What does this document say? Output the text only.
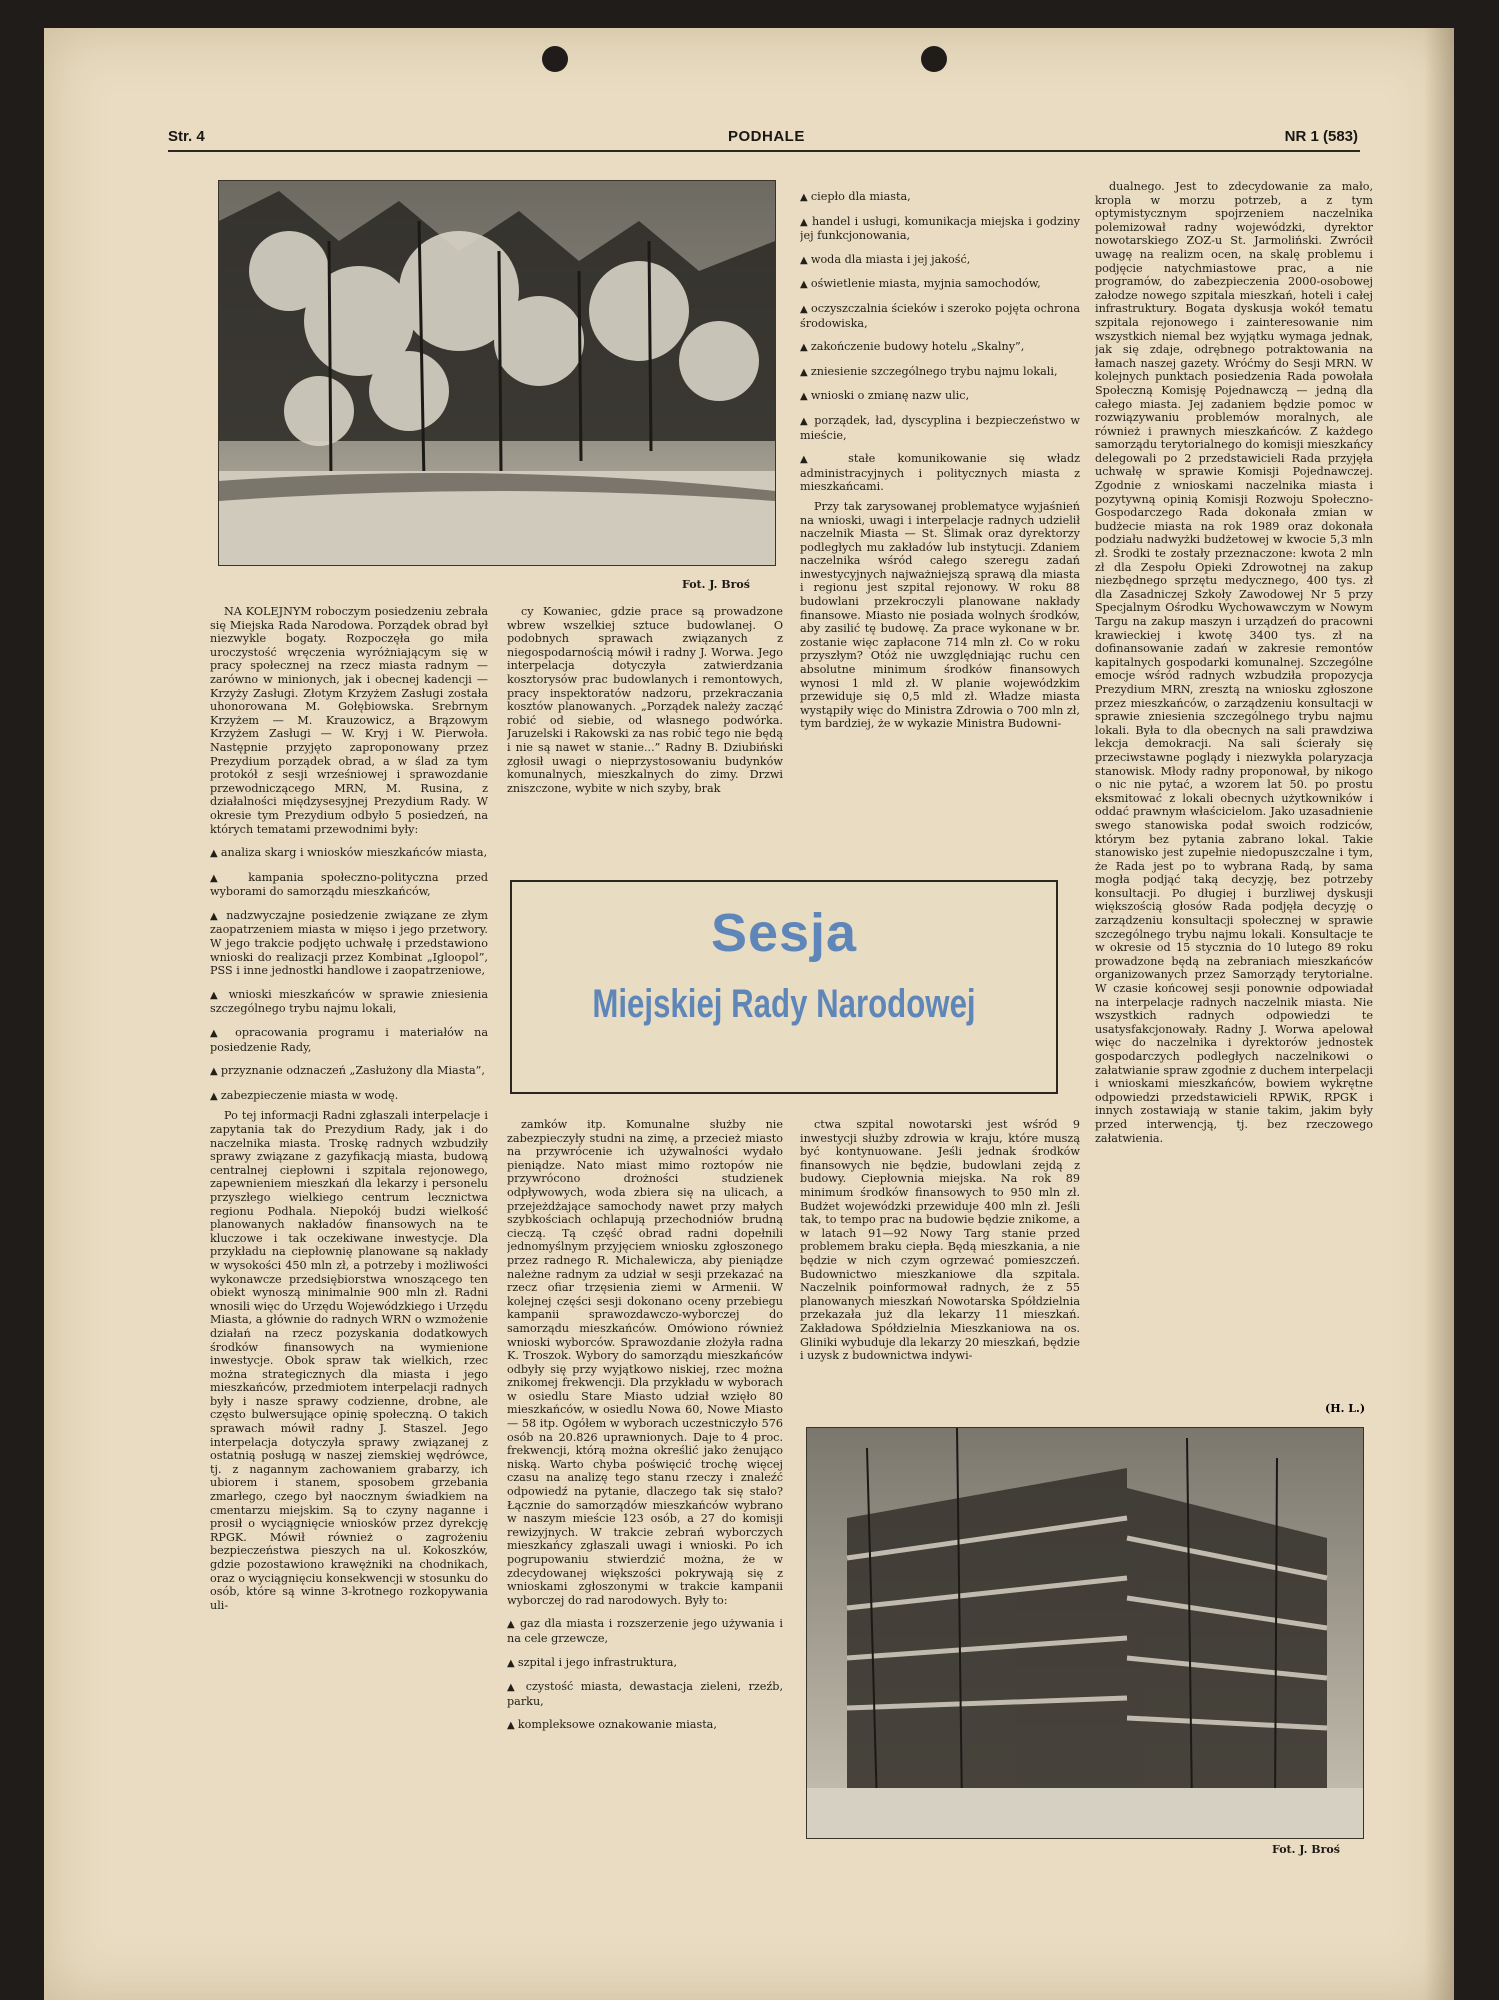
Str. 4	PODHALE	NR 1 (583)
Fot. J. Broś

NA KOLEJNYM roboczym posiedzeniu zebrała się Miejska Rada Narodowa. Porządek obrad był niezwykle bogaty. Rozpoczęła go miła uroczystość wręczenia wyróżniającym się w pracy społecznej na rzecz miasta radnym — zarówno w minionych, jak i obecnej kadencji — Krzyży Zasługi. Złotym Krzyżem Zasługi została uhonorowana M. Gołębiowska. Srebrnym Krzyżem — M. Krauzowicz, a Brązowym Krzyżem Zasługi — W. Kryj i W. Pierwoła. Następnie przyjęto zaproponowany przez Prezydium porządek obrad, a w ślad za tym protokół z sesji wrześniowej i sprawozdanie przewodniczącego MRN, M. Rusina, z działalności międzysesyjnej Prezydium Rady. W okresie tym Prezydium odbyło 5 posiedzeń, na których tematami przewodnimi były:

▲ analiza skarg i wniosków mieszkańców miasta,

▲ kampania społeczno-polityczna przed wyborami do samorządu mieszkańców,

▲ nadzwyczajne posiedzenie związane ze złym zaopatrzeniem miasta w mięso i jego przetwory. W jego trakcie podjęto uchwałę i przedstawiono wnioski do realizacji przez Kombinat „Igloopol”, PSS i inne jednostki handlowe i zaopatrzeniowe,

▲ wnioski mieszkańców w sprawie zniesienia szczególnego trybu najmu lokali,

▲ opracowania programu i materiałów na posiedzenie Rady,

▲ przyznanie odznaczeń „Zasłużony dla Miasta”,

▲ zabezpieczenie miasta w wodę.

Po tej informacji Radni zgłaszali interpelacje i zapytania tak do Prezydium Rady, jak i do naczelnika miasta. Troskę radnych wzbudziły sprawy związane z gazyfikacją miasta, budową centralnej ciepłowni i szpitala rejonowego, zapewnieniem mieszkań dla lekarzy i personelu przyszłego wielkiego centrum lecznictwa regionu Podhala. Niepokój budzi wielkość planowanych nakładów finansowych na te kluczowe i tak oczekiwane inwestycje. Dla przykładu na ciepłownię planowane są nakłady w wysokości 450 mln zł, a potrzeby i możliwości wykonawcze przedsiębiorstwa wnoszącego ten obiekt wynoszą minimalnie 900 mln zł. Radni wnosili więc do Urzędu Wojewódzkiego i Urzędu Miasta, a głównie do radnych WRN o wzmożenie działań na rzecz pozyskania dodatkowych środków finansowych na wymienione inwestycje. Obok spraw tak wielkich, rzec można strategicznych dla miasta i jego mieszkańców, przedmiotem interpelacji radnych były i nasze sprawy codzienne, drobne, ale często bulwersujące opinię społeczną. O takich sprawach mówił radny J. Staszel. Jego interpelacja dotyczyła sprawy związanej z ostatnią posługą w naszej ziemskiej wędrówce, tj. z nagannym zachowaniem grabarzy, ich ubiorem i stanem, sposobem grzebania zmarłego, czego był naocznym świadkiem na cmentarzu miejskim. Są to czyny naganne i prosił o wyciągnięcie wniosków przez dyrekcję RPGK. Mówił również o zagrożeniu bezpieczeństwa pieszych na ul. Kokoszków, gdzie pozostawiono krawężniki na chodnikach, oraz o wyciągnięciu konsekwencji w stosunku do osób, które są winne 3-krotnego rozkopywania uli-

cy Kowaniec, gdzie prace są prowadzone wbrew wszelkiej sztuce budowlanej. O podobnych sprawach związanych z niegospodarnością mówił i radny J. Worwa. Jego interpelacja dotyczyła zatwierdzania kosztorysów prac budowlanych i remontowych, pracy inspektoratów nadzoru, przekraczania kosztów planowanych. „Porządek należy zacząć robić od siebie, od własnego podwórka. Jaruzelski i Rakowski za nas robić tego nie będą i nie są nawet w stanie...” Radny B. Dziubiński zgłosił uwagi o nieprzystosowaniu budynków komunalnych, mieszkalnych do zimy. Drzwi zniszczone, wybite w nich szyby, brak

Sesja
Miejskiej Rady Narodowej

zamków itp. Komunalne służby nie zabezpieczyły studni na zimę, a przecież miasto na przywrócenie ich używalności wydało pieniądze. Nato miast mimo roztopów nie przywrócono drożności studzienek odpływowych, woda zbiera się na ulicach, a przejeżdżające samochody nawet przy małych szybkościach ochlapują przechodniów brudną cieczą. Tą część obrad radni dopełnili jednomyślnym przyjęciem wniosku zgłoszonego przez radnego R. Michalewicza, aby pieniądze należne radnym za udział w sesji przekazać na rzecz ofiar trzęsienia ziemi w Armenii. W kolejnej części sesji dokonano oceny przebiegu kampanii sprawozdawczo-wyborczej do samorządu mieszkańców. Omówiono również wnioski wyborców. Sprawozdanie złożyła radna K. Troszok. Wybory do samorządu mieszkańców odbyły się przy wyjątkowo niskiej, rzec można znikomej frekwencji. Dla przykładu w wyborach w osiedlu Stare Miasto udział wzięło 80 mieszkańców, w osiedlu Nowa 60, Nowe Miasto — 58 itp. Ogółem w wyborach uczestniczyło 576 osób na 20.826 uprawnionych. Daje to 4 proc. frekwencji, którą można określić jako żenująco niską. Warto chyba poświęcić trochę więcej czasu na analizę tego stanu rzeczy i znaleźć odpowiedź na pytanie, dlaczego tak się stało? Łącznie do samorządów mieszkańców wybrano w naszym mieście 123 osób, a 27 do komisji rewizyjnych. W trakcie zebrań wyborczych mieszkańcy zgłaszali uwagi i wnioski. Po ich pogrupowaniu stwierdzić można, że w zdecydowanej większości pokrywają się z wnioskami zgłoszonymi w trakcie kampanii wyborczej do rad narodowych. Były to:

▲ gaz dla miasta i rozszerzenie jego używania i na cele grzewcze,

▲ szpital i jego infrastruktura,

▲ czystość miasta, dewastacja zieleni, rzeźb, parku,

▲ kompleksowe oznakowanie miasta,

▲ ciepło dla miasta,

▲ handel i usługi, komunikacja miejska i godziny jej funkcjonowania,

▲ woda dla miasta i jej jakość,

▲ oświetlenie miasta, myjnia samochodów,

▲ oczyszczalnia ścieków i szeroko pojęta ochrona środowiska,

▲ zakończenie budowy hotelu „Skalny”,

▲ zniesienie szczególnego trybu najmu lokali,

▲ wnioski o zmianę nazw ulic,

▲ porządek, ład, dyscyplina i bezpieczeństwo w mieście,

▲ stałe komunikowanie się władz administracyjnych i politycznych miasta z mieszkańcami.

Przy tak zarysowanej problematyce wyjaśnień na wnioski, uwagi i interpelacje radnych udzielił naczelnik Miasta — St. Ślimak oraz dyrektorzy podległych mu zakładów lub instytucji. Zdaniem naczelnika wśród całego szeregu zadań inwestycyjnych najważniejszą sprawą dla miasta i regionu jest szpital rejonowy. W roku 88 budowlani przekroczyli planowane nakłady finansowe. Miasto nie posiada wolnych środków, aby zasilić tę budowę. Za prace wykonane w br. zostanie więc zapłacone 714 mln zł. Co w roku przyszłym? Otóż nie uwzględniając ruchu cen absolutne minimum środków finansowych wynosi 1 mld zł. W planie wojewódzkim przewiduje się 0,5 mld zł. Władze miasta wystąpiły więc do Ministra Zdrowia o 700 mln zł, tym bardziej, że w wykazie Ministra Budowni-

ctwa szpital nowotarski jest wśród 9 inwestycji służby zdrowia w kraju, które muszą być kontynuowane. Jeśli jednak środków finansowych nie będzie, budowlani zejdą z budowy. Ciepłownia miejska. Na rok 89 minimum środków finansowych to 950 mln zł. Budżet wojewódzki przewiduje 400 mln zł. Jeśli tak, to tempo prac na budowie będzie znikome, a w latach 91—92 Nowy Targ stanie przed problemem braku ciepła. Będą mieszkania, a nie będzie w nich czym ogrzewać pomieszczeń. Budownictwo mieszkaniowe dla szpitala. Naczelnik poinformował radnych, że z 55 planowanych mieszkań Nowotarska Spółdzielnia przekazała już dla lekarzy 11 mieszkań. Zakładowa Spółdzielnia Mieszkaniowa na os. Gliniki wybuduje dla lekarzy 20 mieszkań, będzie i uzysk z budownictwa indywi-

dualnego. Jest to zdecydowanie za mało, kropla w morzu potrzeb, a z tym optymistycznym spojrzeniem naczelnika polemizował radny wojewódzki, dyrektor nowotarskiego ZOZ-u St. Jarmoliński. Zwrócił uwagę na realizm ocen, na skalę problemu i podjęcie natychmiastowe prac, a nie programów, do zabezpieczenia 2000-osobowej załodze nowego szpitala mieszkań, hoteli i całej infrastruktury. Bogata dyskusja wokół tematu szpitala rejonowego i zainteresowanie nim wszystkich niemal bez wyjątku wymaga jednak, jak się zdaje, odrębnego potraktowania na łamach naszej gazety. Wróćmy do Sesji MRN. W kolejnych punktach posiedzenia Rada powołała Społeczną Komisję Pojednawczą — jedną dla całego miasta. Jej zadaniem będzie pomoc w rozwiązywaniu problemów moralnych, ale również i prawnych mieszkańców. Z każdego samorządu terytorialnego do komisji mieszkańcy delegowali po 2 przedstawicieli Rada przyjęła uchwałę w sprawie Komisji Pojednawczej. Zgodnie z wnioskami naczelnika miasta i pozytywną opinią Komisji Rozwoju Społeczno-Gospodarczego Rada dokonała zmian w budżecie miasta na rok 1989 oraz dokonała podziału nadwyżki budżetowej w kwocie 5,3 mln zł. Środki te zostały przeznaczone: kwota 2 mln zł dla Zespołu Opieki Zdrowotnej na zakup niezbędnego sprzętu medycznego, 400 tys. zł dla Zasadniczej Szkoły Zawodowej Nr 5 przy Specjalnym Ośrodku Wychowawczym w Nowym Targu na zakup maszyn i urządzeń do pracowni krawieckiej i kwotę 3400 tys. zł na dofinansowanie zadań w zakresie remontów kapitalnych gospodarki komunalnej. Szczególne emocje wśród radnych wzbudziła propozycja Prezydium MRN, zresztą na wniosku zgłoszone przez mieszkańców, o zarządzeniu konsultacji w sprawie zniesienia szczególnego trybu najmu lokali. Była to dla obecnych na sali prawdziwa lekcja demokracji. Na sali ścierały się przeciwstawne poglądy i niezwykła polaryzacja stanowisk. Młody radny proponował, by nikogo o nic nie pytać, a wzorem lat 50. po prostu eksmitować z lokali obecnych użytkowników i oddać prawnym właścicielom. Jako uzasadnienie swego stanowiska podał swoich rodziców, którym bez pytania zabrano lokal. Takie stanowisko jest zupełnie niedopuszczalne i tym, że Rada jest po to wybrana Radą, by sama mogła podjąć taką decyzję, bez potrzeby konsultacji. Po długiej i burzliwej dyskusji większością głosów Rada podjęła decyzję o zarządzeniu konsultacji społecznej w sprawie szczególnego trybu najmu lokali. Konsultacje te w okresie od 15 stycznia do 10 lutego 89 roku prowadzone będą na zebraniach mieszkańców organizowanych przez Samorządy terytorialne. W czasie końcowej sesji ponownie odpowiadał na interpelacje radnych naczelnik miasta. Nie wszystkich radnych odpowiedzi te usatysfakcjonowały. Radny J. Worwa apelował więc do naczelnika i dyrektorów jednostek gospodarczych podległych naczelnikowi o załatwianie spraw zgodnie z duchem interpelacji i wnioskami mieszkańców, bowiem wykrętne odpowiedzi przedstawicieli RPWiK, RPGK i innych zostawiają w stanie takim, jakim były przed interwencją, tj. bez rzeczowego załatwienia.

(H. L.)
Fot. J. Broś
